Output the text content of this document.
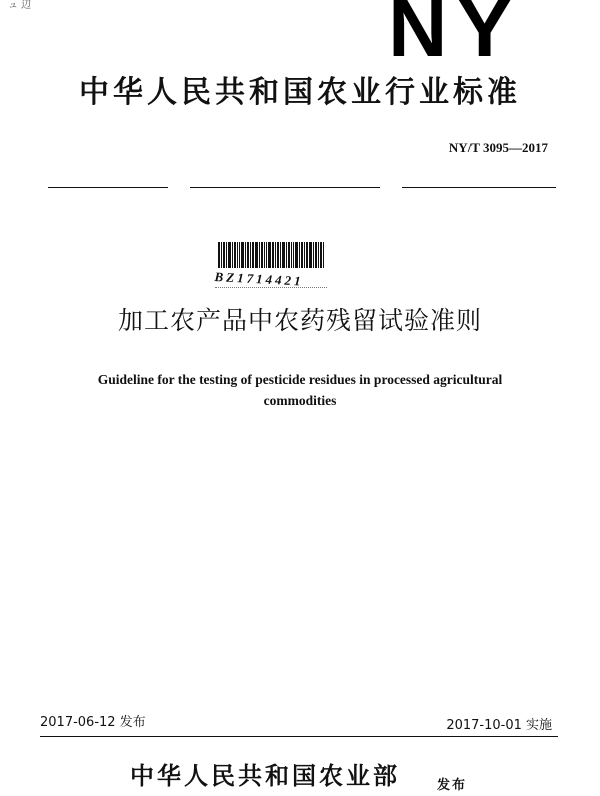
ュ 辺	NY
中华人民共和国农业行业标准
NY/T 3095—2017
BZ1714421
加工农产品中农药残留试验准则
Guideline for the testing of pesticide residues in processed agricultural
commodities
2017-06-12 发布	2017-10-01 实施
中华人民共和国农业部	发布
